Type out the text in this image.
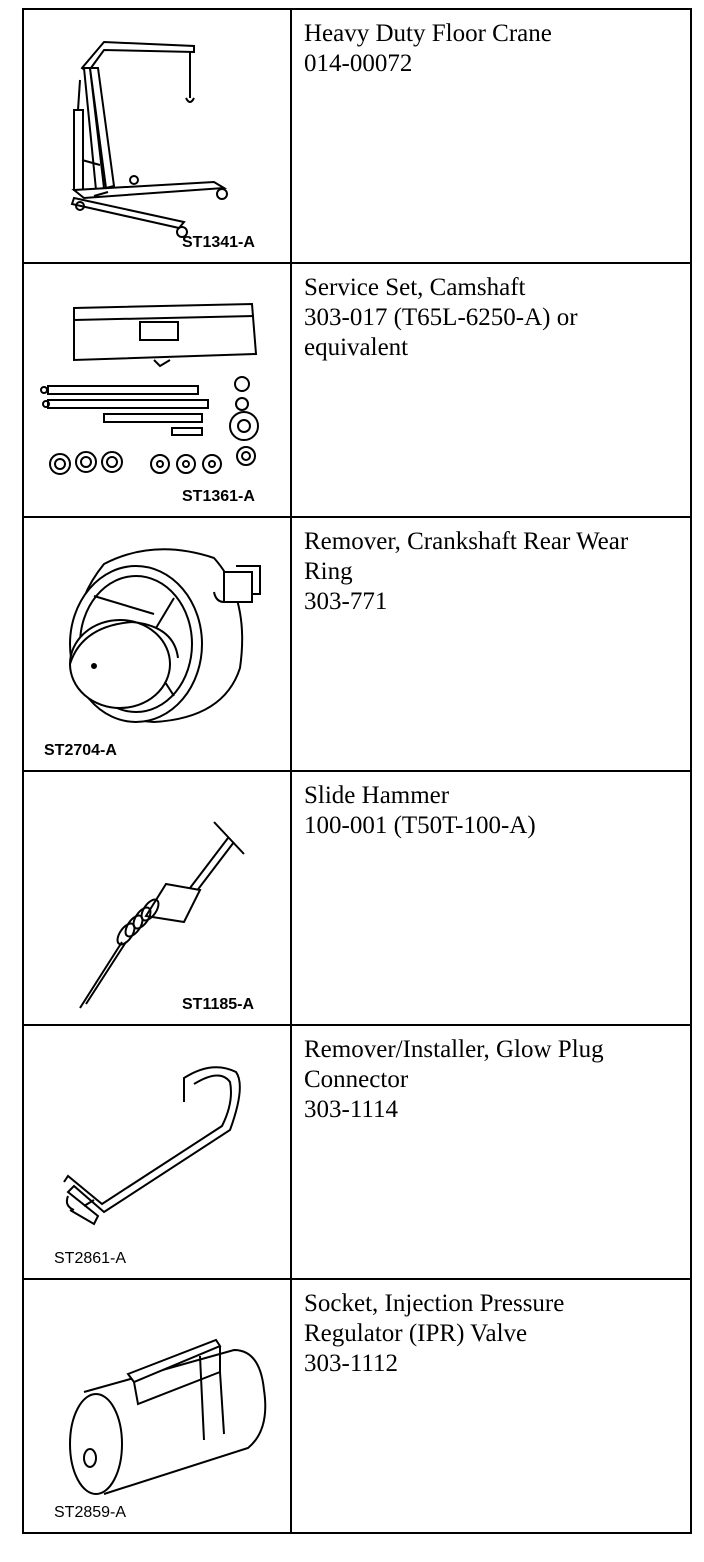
ST1341-A	Heavy Duty Floor Crane
014-00072

ST1361-A	Service Set, Camshaft
303-017 (T65L-6250-A) or
equivalent

ST2704-A	Remover, Crankshaft Rear Wear
Ring
303-771

ST1185-A	Slide Hammer
100-001 (T50T-100-A)

ST2861-A	Remover/Installer, Glow Plug
Connector
303-1114

ST2859-A	Socket, Injection Pressure
Regulator (IPR) Valve
303-1112
